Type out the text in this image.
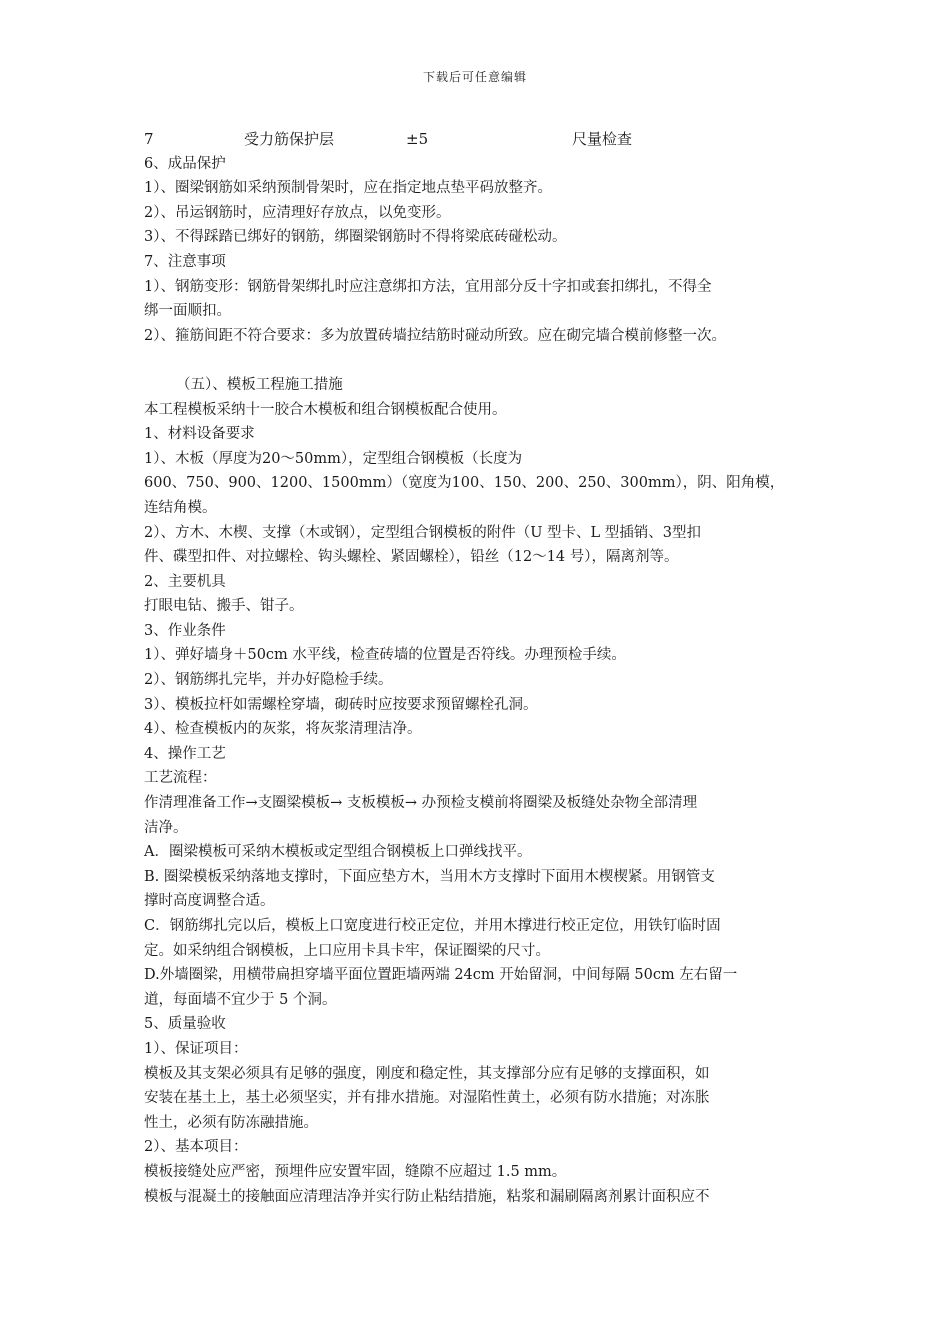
下载后可任意编辑
7	受力筋保护层	±5	尺量检查

6、成品保护

1）、圈梁钢筋如采纳预制骨架时，应在指定地点垫平码放整齐。

2）、吊运钢筋时，应清理好存放点，以免变形。

3）、不得踩踏已绑好的钢筋，绑圈梁钢筋时不得将梁底砖碰松动。

7、注意事项

1）、钢筋变形：钢筋骨架绑扎时应注意绑扣方法，宜用部分反十字扣或套扣绑扎，不得全

绑一面顺扣。

2）、箍筋间距不符合要求：多为放置砖墙拉结筋时碰动所致。应在砌完墙合模前修整一次。

（五）、模板工程施工措施

本工程模板采纳十一胶合木模板和组合钢模板配合使用。

1、材料设备要求

1）、木板（厚度为20～50mm），定型组合钢模板（长度为

600、750、900、1200、1500mm）（宽度为100、150、200、250、300mm），阴、阳角模，

连结角模。

2）、方木、木楔、支撑（木或钢），定型组合钢模板的附件（U 型卡、L 型插销、3型扣

件、碟型扣件、对拉螺栓、钩头螺栓、紧固螺栓），铅丝（12～14 号），隔离剂等。

2、主要机具

打眼电钻、搬手、钳子。

3、作业条件

1）、弹好墙身＋50cm 水平线，检查砖墙的位置是否符线。办理预检手续。

2）、钢筋绑扎完毕，并办好隐检手续。

3）、模板拉杆如需螺栓穿墙，砌砖时应按要求预留螺栓孔洞。

4）、检查模板内的灰浆，将灰浆清理洁净。

4、操作工艺

工艺流程：

作清理准备工作→支圈梁模板→ 支板模板→ 办预检支模前将圈梁及板缝处杂物全部清理

洁净。

A．圈梁模板可采纳木模板或定型组合钢模板上口弹线找平。

B. 圈梁模板采纳落地支撑时，下面应垫方木，当用木方支撑时下面用木楔楔紧。用钢管支

撑时高度调整合适。

C．钢筋绑扎完以后，模板上口宽度进行校正定位，并用木撑进行校正定位，用铁钉临时固

定。如采纳组合钢模板，上口应用卡具卡牢，保证圈梁的尺寸。

D.外墙圈梁，用横带扁担穿墙平面位置距墙两端 24cm 开始留洞，中间每隔 50cm 左右留一

道，每面墙不宜少于 5 个洞。

5、质量验收

1）、保证项目：

模板及其支架必须具有足够的强度，刚度和稳定性，其支撑部分应有足够的支撑面积，如

安装在基土上，基土必须坚实，并有排水措施。对湿陷性黄土，必须有防水措施；对冻胀

性土，必须有防冻融措施。

2）、基本项目：

模板接缝处应严密，预埋件应安置牢固，缝隙不应超过 1.5 mm。

模板与混凝土的接触面应清理洁净并实行防止粘结措施，粘浆和漏刷隔离剂累计面积应不
